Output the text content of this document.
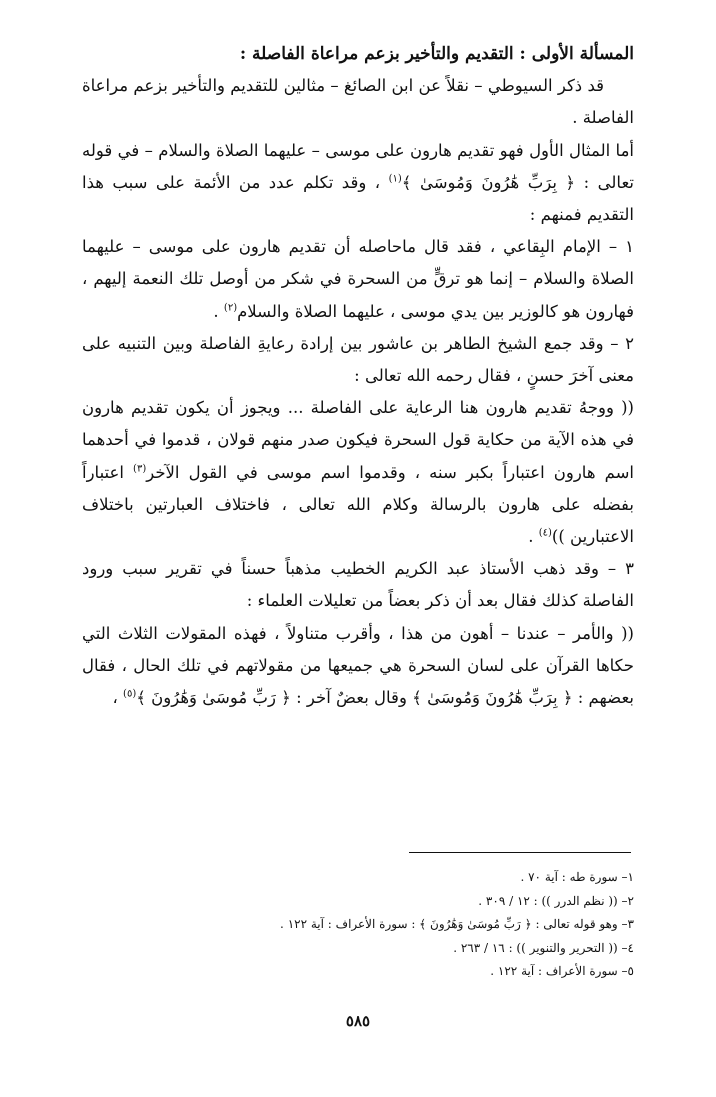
المسألة الأولى : التقديم والتأخير بزعم مراعاة الفاصلة :

قد ذكر السيوطي – نقلاً عن ابن الصائغ – مثالين للتقديم والتأخير بزعم مراعاة الفاصلة .

أما المثال الأول فهو تقديم هارون على موسى – عليهما الصلاة والسلام – في قوله تعالى : ﴿ بِرَبِّ هَٰرُونَ وَمُوسَىٰ ﴾$^{(١)}$ ، وقد تكلم عدد من الأئمة على سبب هذا التقديم فمنهم :

١ – الإمام البِقاعي ، فقد قال ماحاصله أن تقديم هارون على موسى – عليهما الصلاة والسلام – إنما هو ترقٍّ من السحرة في شكر من أوصل تلك النعمة إليهم ، فهارون هو كالوزير بين يدي موسى ، عليهما الصلاة والسلام$^{(٢)}$ .

٢ – وقد جمع الشيخ الطاهر بن عاشور بين إرادة رعايةِ الفاصلة وبين التنبيه على معنى آخرَ حسنٍ ، فقال رحمه الله تعالى :

(( ووجهُ تقديم هارون هنا الرعاية على الفاصلة ... ويجوز أن يكون تقديم هارون في هذه الآية من حكاية قول السحرة فيكون صدر منهم قولان ، قدموا في أحدهما اسم هارون اعتباراً بكبر سنه ، وقدموا اسم موسى في القول الآخر$^{(٣)}$ اعتباراً بفضله على هارون بالرسالة وكلام الله تعالى ، فاختلاف العبارتين باختلاف الاعتبارين ))$^{(٤)}$ .

٣ – وقد ذهب الأستاذ عبد الكريم الخطيب مذهباً حسناً في تقرير سبب ورود الفاصلة كذلك فقال بعد أن ذكر بعضاً من تعليلات العلماء :

(( والأمر – عندنا – أهون من هذا ، وأقرب متناولاً ، فهذه المقولات الثلاث التي حكاها القرآن على لسان السحرة هي جميعها من مقولاتهم في تلك الحال ، فقال بعضهم : ﴿ بِرَبِّ هَٰرُونَ وَمُوسَىٰ ﴾ وقال بعضٌ آخر : ﴿ رَبِّ مُوسَىٰ وَهَٰرُونَ ﴾$^{(٥)}$ ،

١– سورة طه : آية ٧٠ .

٢– (( نظم الدرر )) : ١٢ / ٣٠٩ .

٣– وهو قوله تعالى : ﴿ رَبِّ مُوسَىٰ وَهَٰرُونَ ﴾ : سورة الأعراف : آية ١٢٢ .

٤– (( التحرير والتنوير )) : ١٦ / ٢٦٣ .

٥– سورة الأعراف : آية ١٢٢ .

٥٨٥
